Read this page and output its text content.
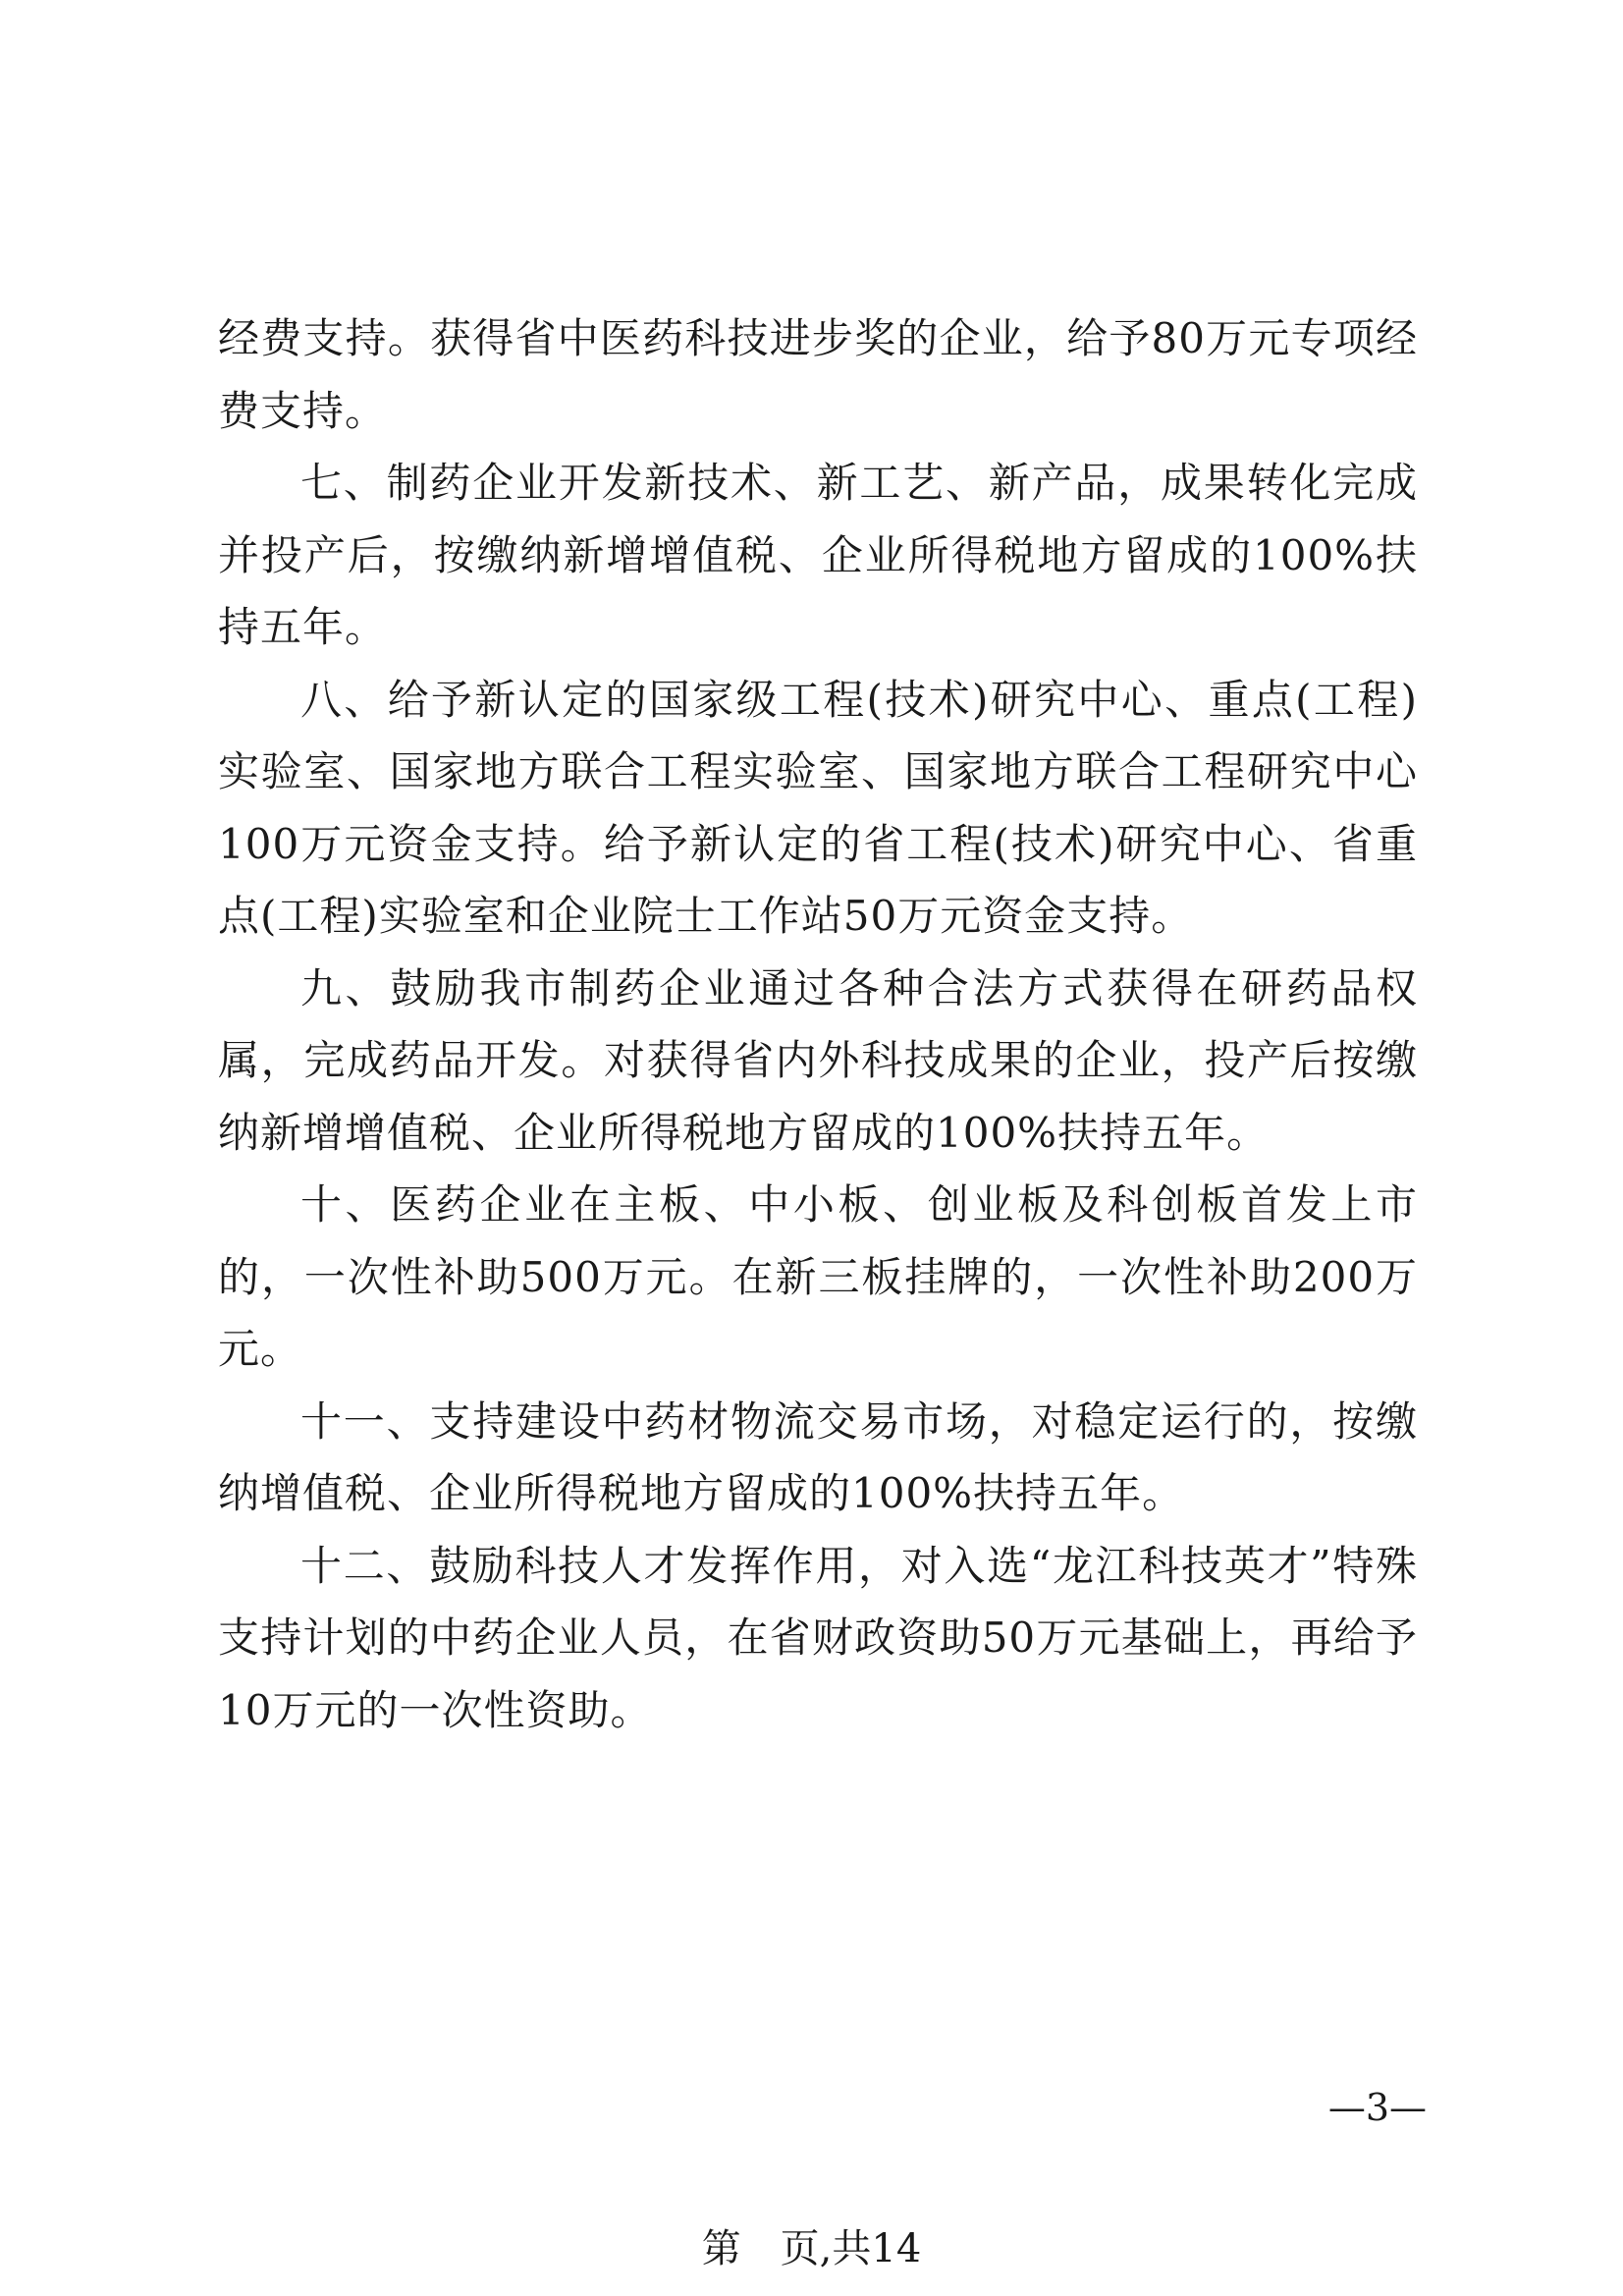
经费支持。获得省中医药科技进步奖的企业，给予80万元专项经费支持。

七、制药企业开发新技术、新工艺、新产品，成果转化完成并投产后，按缴纳新增增值税、企业所得税地方留成的100%扶持五年。

八、给予新认定的国家级工程(技术)研究中心、重点(工程)实验室、国家地方联合工程实验室、国家地方联合工程研究中心100万元资金支持。给予新认定的省工程(技术)研究中心、省重点(工程)实验室和企业院士工作站50万元资金支持。

九、鼓励我市制药企业通过各种合法方式获得在研药品权属，完成药品开发。对获得省内外科技成果的企业，投产后按缴纳新增增值税、企业所得税地方留成的100%扶持五年。

十、医药企业在主板、中小板、创业板及科创板首发上市的，一次性补助500万元。在新三板挂牌的，一次性补助200万元。

十一、支持建设中药材物流交易市场，对稳定运行的，按缴纳增值税、企业所得税地方留成的100%扶持五年。

十二、鼓励科技人才发挥作用，对入选“龙江科技英才”特殊支持计划的中药企业人员，在省财政资助50万元基础上，再给予10万元的一次性资助。

—3—
第　页,共14
